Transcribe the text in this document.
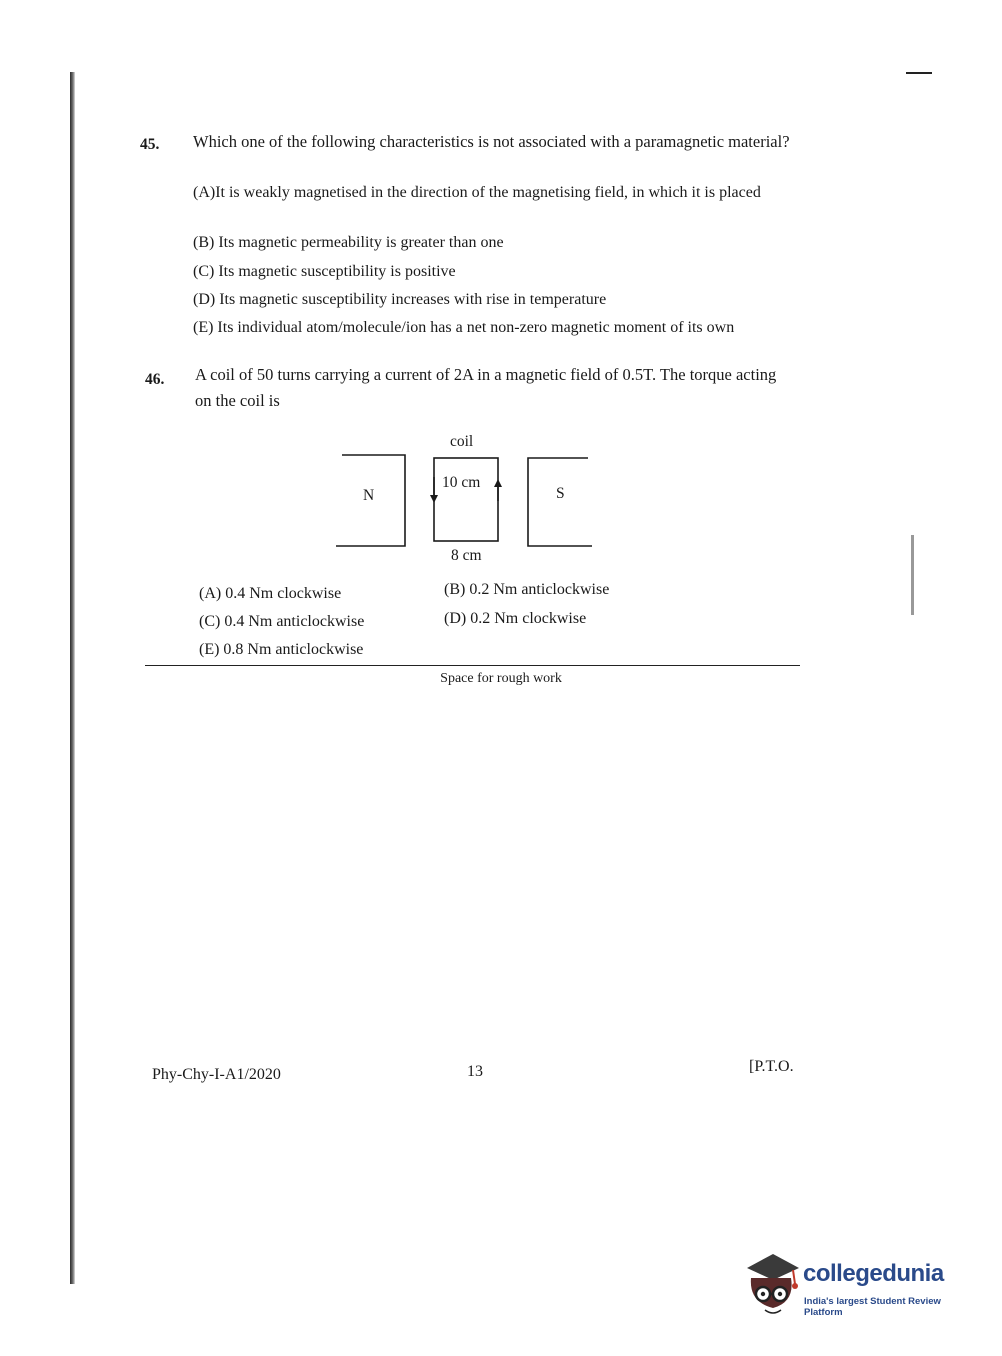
45. Which one of the following characteristics is not associated with a paramagnetic material?
(A)It is weakly magnetised in the direction of the magnetising field, in which it is placed
(B) Its magnetic permeability is greater than one
(C) Its magnetic susceptibility is positive
(D) Its magnetic susceptibility increases with rise in temperature
(E) Its individual atom/molecule/ion has a net non-zero magnetic moment of its own
46. A coil of 50 turns carrying a current of 2A in a magnetic field of 0.5T. The torque acting on the coil is
coil
N	S
10 cm
8 cm
(A) 0.4 Nm clockwise	(B) 0.2 Nm anticlockwise
(C) 0.4 Nm anticlockwise	(D) 0.2 Nm clockwise
(E) 0.8 Nm anticlockwise
Space for rough work
Phy-Chy-I-A1/2020	13	[P.T.O.
collegedunia
India's largest Student Review Platform
